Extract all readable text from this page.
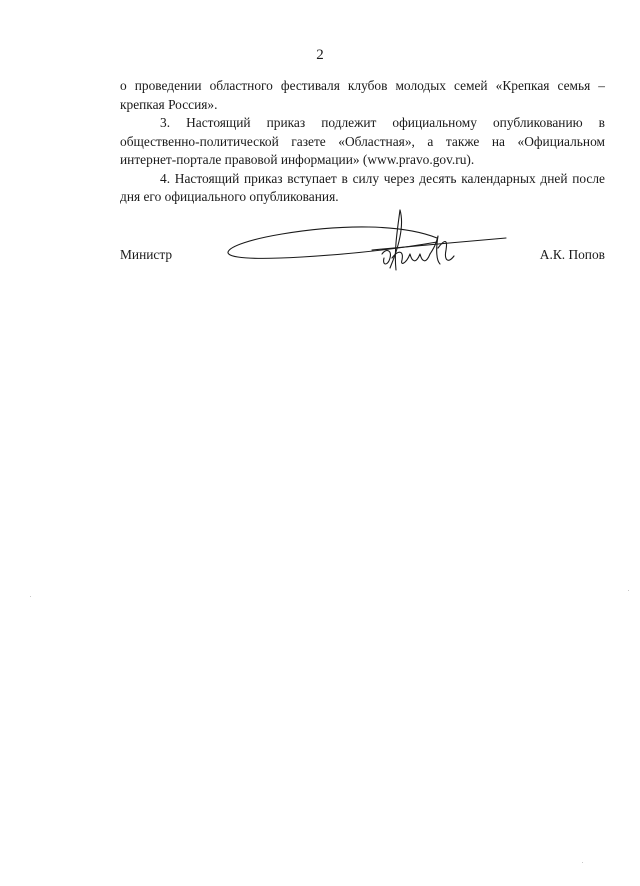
2

о проведении областного фестиваля клубов молодых семей «Крепкая семья – крепкая Россия».

3. Настоящий приказ подлежит официальному опубликованию в общественно-политической газете «Областная», а также на «Официальном интернет-портале правовой информации» (www.pravo.gov.ru).

4. Настоящий приказ вступает в силу через десять календарных дней после дня его официального опубликования.

Министр	А.К. Попов
